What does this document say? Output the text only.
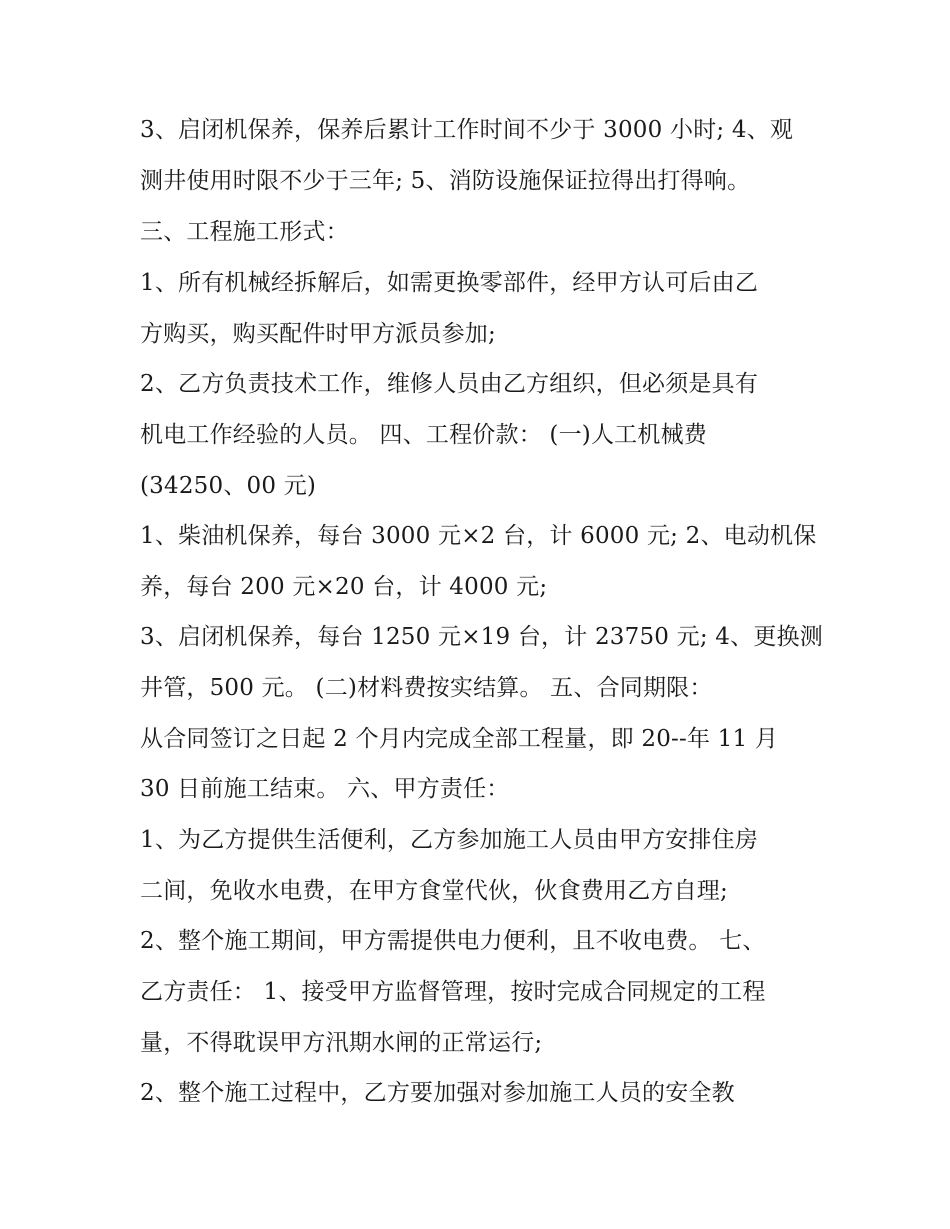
3、启闭机保养，保养后累计工作时间不少于 3000 小时; 4、观

测井使用时限不少于三年; 5、消防设施保证拉得出打得响。

三、工程施工形式：

1、所有机械经拆解后，如需更换零部件，经甲方认可后由乙

方购买，购买配件时甲方派员参加;

2、乙方负责技术工作，维修人员由乙方组织，但必须是具有

机电工作经验的人员。 四、工程价款： (一)人工机械费

(34250、00 元)

1、柴油机保养，每台 3000 元×2 台，计 6000 元; 2、电动机保

养，每台 200 元×20 台，计 4000 元;

3、启闭机保养，每台 1250 元×19 台，计 23750 元; 4、更换测

井管，500 元。 (二)材料费按实结算。 五、合同期限：

从合同签订之日起 2 个月内完成全部工程量，即 20--年 11 月

30 日前施工结束。 六、甲方责任：

1、为乙方提供生活便利，乙方参加施工人员由甲方安排住房

二间，免收水电费，在甲方食堂代伙，伙食费用乙方自理;

2、整个施工期间，甲方需提供电力便利，且不收电费。 七、

乙方责任： 1、接受甲方监督管理，按时完成合同规定的工程

量，不得耽误甲方汛期水闸的正常运行;

2、整个施工过程中，乙方要加强对参加施工人员的安全教
